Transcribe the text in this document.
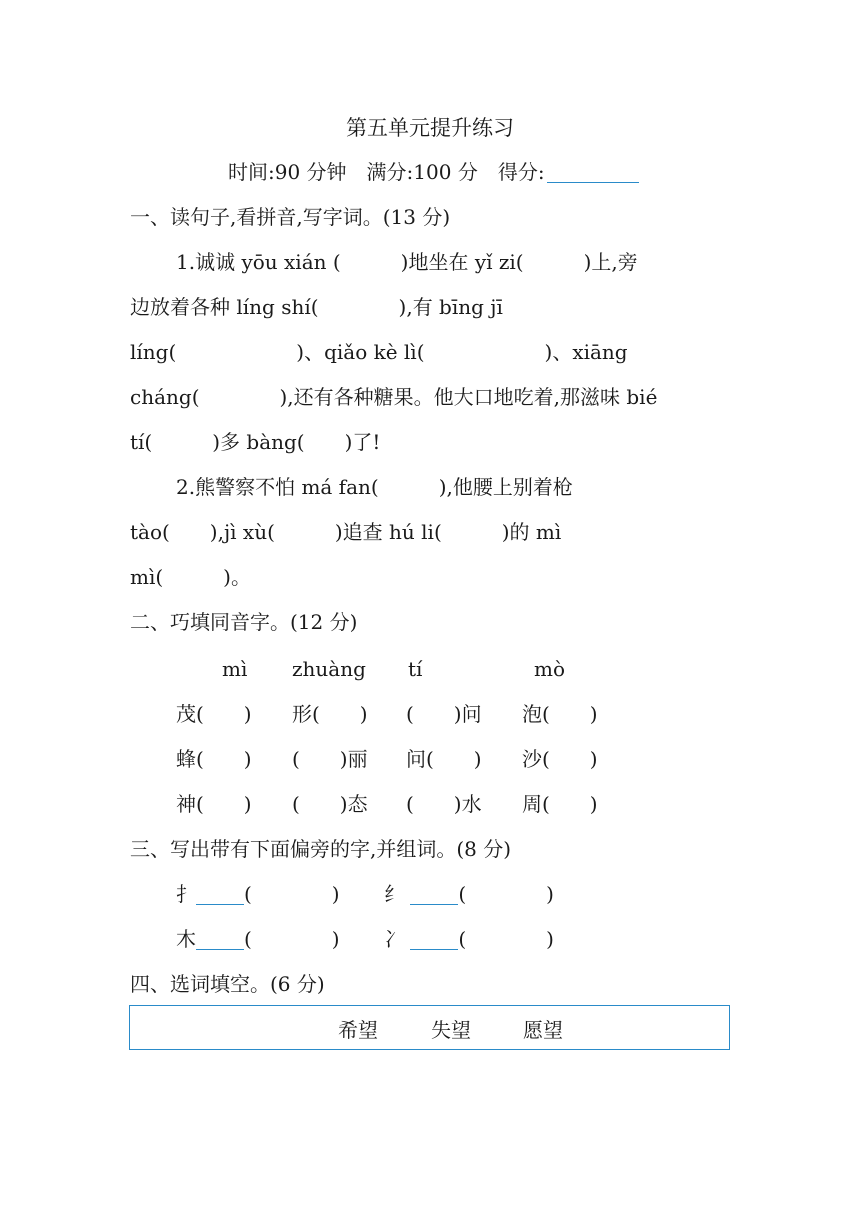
第五单元提升练习
时间:90 分钟　满分:100 分　得分:
一、读句子,看拼音,写字词。(13 分)
1.诚诚 yōu xián (　　　)地坐在 yǐ zi(　　　)上,旁
边放着各种 líng shí(　　　　),有 bīng jī
líng(　　　　　　)、qiǎo kè lì(　　　　　　)、xiāng
cháng(　　　　),还有各种糖果。他大口地吃着,那滋味 bié
tí(　　　)多 bàng(　　)了!
2.熊警察不怕 má fan(　　　),他腰上别着枪
tào(　　),jì xù(　　　)追查 hú li(　　　)的 mì
mì(　　　)。
二、巧填同音字。(12 分)
mì zhuàng tí	mò
茂(　　) 形(　　) (　　)问 泡(　　)
蜂(　　) (　　)丽 问(　　) 沙(　　)
神(　　) (　　)态 (　　)水 周(　　)
三、写出带有下面偏旁的字,并组词。(8 分)
扌 (　　　　) 纟	(　　　　)
木 (　　　　) 冫	(　　　　)
四、选词填空。(6 分)
希望	失望	愿望
